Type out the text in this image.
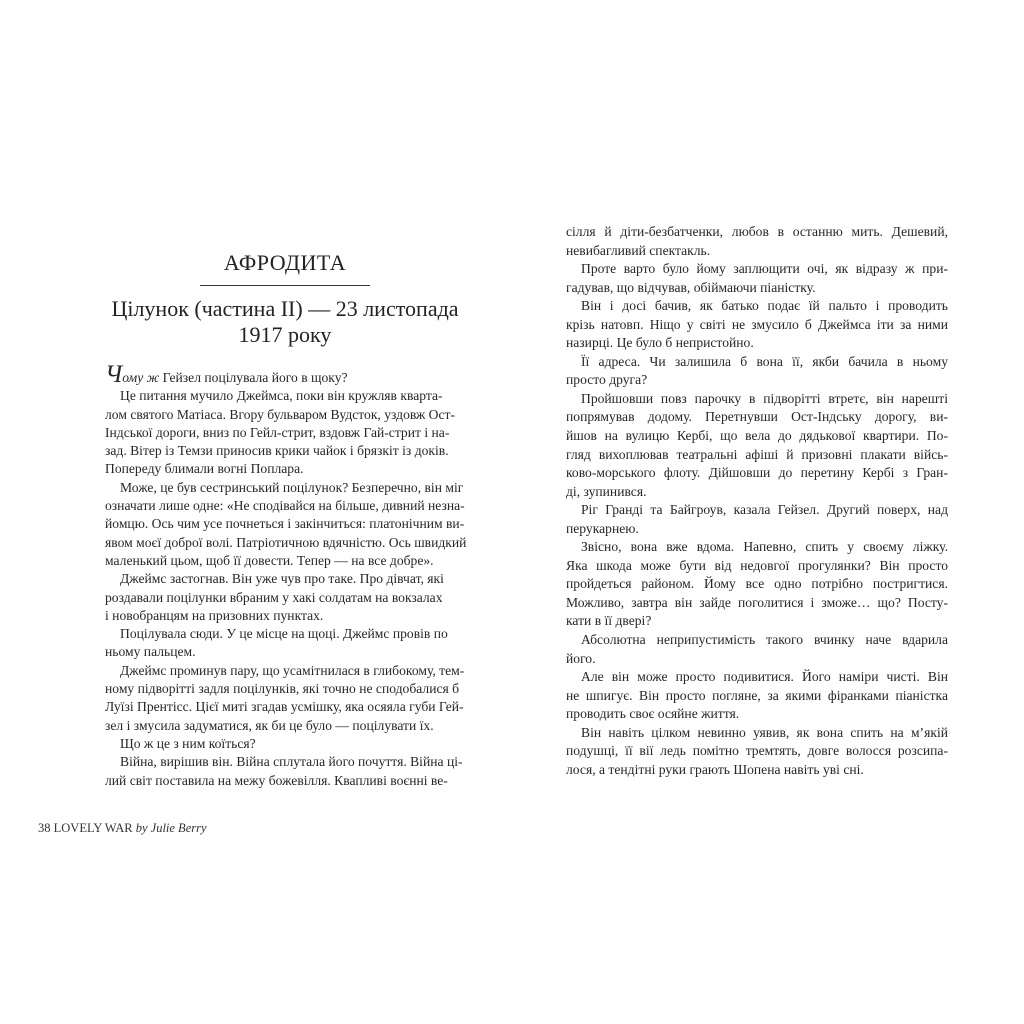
АФРОДИТА
Цілунок (частина II) — 23 листопада
1917 року
Чому ж Гейзел поцілувала його в щоку?
Це питання мучило Джеймса, поки він кружляв кварта-
лом святого Матіаса. Вгору бульваром Вудсток, уздовж Ост-
Індської дороги, вниз по Гейл-стрит, вздовж Гай-стрит і на-
зад. Вітер із Темзи приносив крики чайок і брязкіт із доків.
Попереду блимали вогні Поплара.
Може, це був сестринський поцілунок? Безперечно, він міг
означати лише одне: «Не сподівайся на більше, дивний незна-
йомцю. Ось чим усе почнеться і закінчиться: платонічним ви-
явом моєї доброї волі. Патріотичною вдячністю. Ось швидкий
маленький цьом, щоб її довести. Тепер — на все добре».
Джеймс застогнав. Він уже чув про таке. Про дівчат, які
роздавали поцілунки вбраним у хакі солдатам на вокзалах
і новобранцям на призовних пунктах.
Поцілувала сюди. У це місце на щоці. Джеймс провів по
ньому пальцем.
Джеймс проминув пару, що усамітнилася в глибокому, тем-
ному підворітті задля поцілунків, які точно не сподобалися б
Луїзі Прентісс. Цієї миті згадав усмішку, яка осяяла губи Гей-
зел і змусила задуматися, як би це було — поцілувати їх.
Що ж це з ним коїться?
Війна, вирішив він. Війна сплутала його почуття. Війна ці-
лий світ поставила на межу божевілля. Квапливі воєнні ве-
сілля й діти-безбатченки, любов в останню мить. Дешевий,
невибагливий спектакль.
Проте варто було йому заплющити очі, як відразу ж при-
гадував, що відчував, обіймаючи піаністку.
Він і досі бачив, як батько подає їй пальто і проводить
крізь натовп. Ніщо у світі не змусило б Джеймса іти за ними
назирці. Це було б непристойно.
Її адреса. Чи залишила б вона її, якби бачила в ньому
просто друга?
Пройшовши повз парочку в підворітті втретє, він нарешті
попрямував додому. Перетнувши Ост-Індську дорогу, ви-
йшов на вулицю Кербі, що вела до дядькової квартири. По-
гляд вихоплював театральні афіші й призовні плакати війсь-
ково-морського флоту. Дійшовши до перетину Кербі з Гран-
ді, зупинився.
Ріг Гранді та Байгроув, казала Гейзел. Другий поверх, над
перукарнею.
Звісно, вона вже вдома. Напевно, спить у своєму ліжку.
Яка шкода може бути від недовгої прогулянки? Він просто
пройдеться районом. Йому все одно потрібно постригтися.
Можливо, завтра він зайде поголитися і зможе… що? Посту-
кати в її двері?
Абсолютна неприпустимість такого вчинку наче вдарила
його.
Але він може просто подивитися. Його наміри чисті. Він
не шпигує. Він просто погляне, за якими фіранками піаністка
проводить своє осяйне життя.
Він навіть цілком невинно уявив, як вона спить на м’якій
подушці, її вії ледь помітно тремтять, довге волосся розсипа-
лося, а тендітні руки грають Шопена навіть уві сні.
38 LOVELY WAR by Julie Berry
